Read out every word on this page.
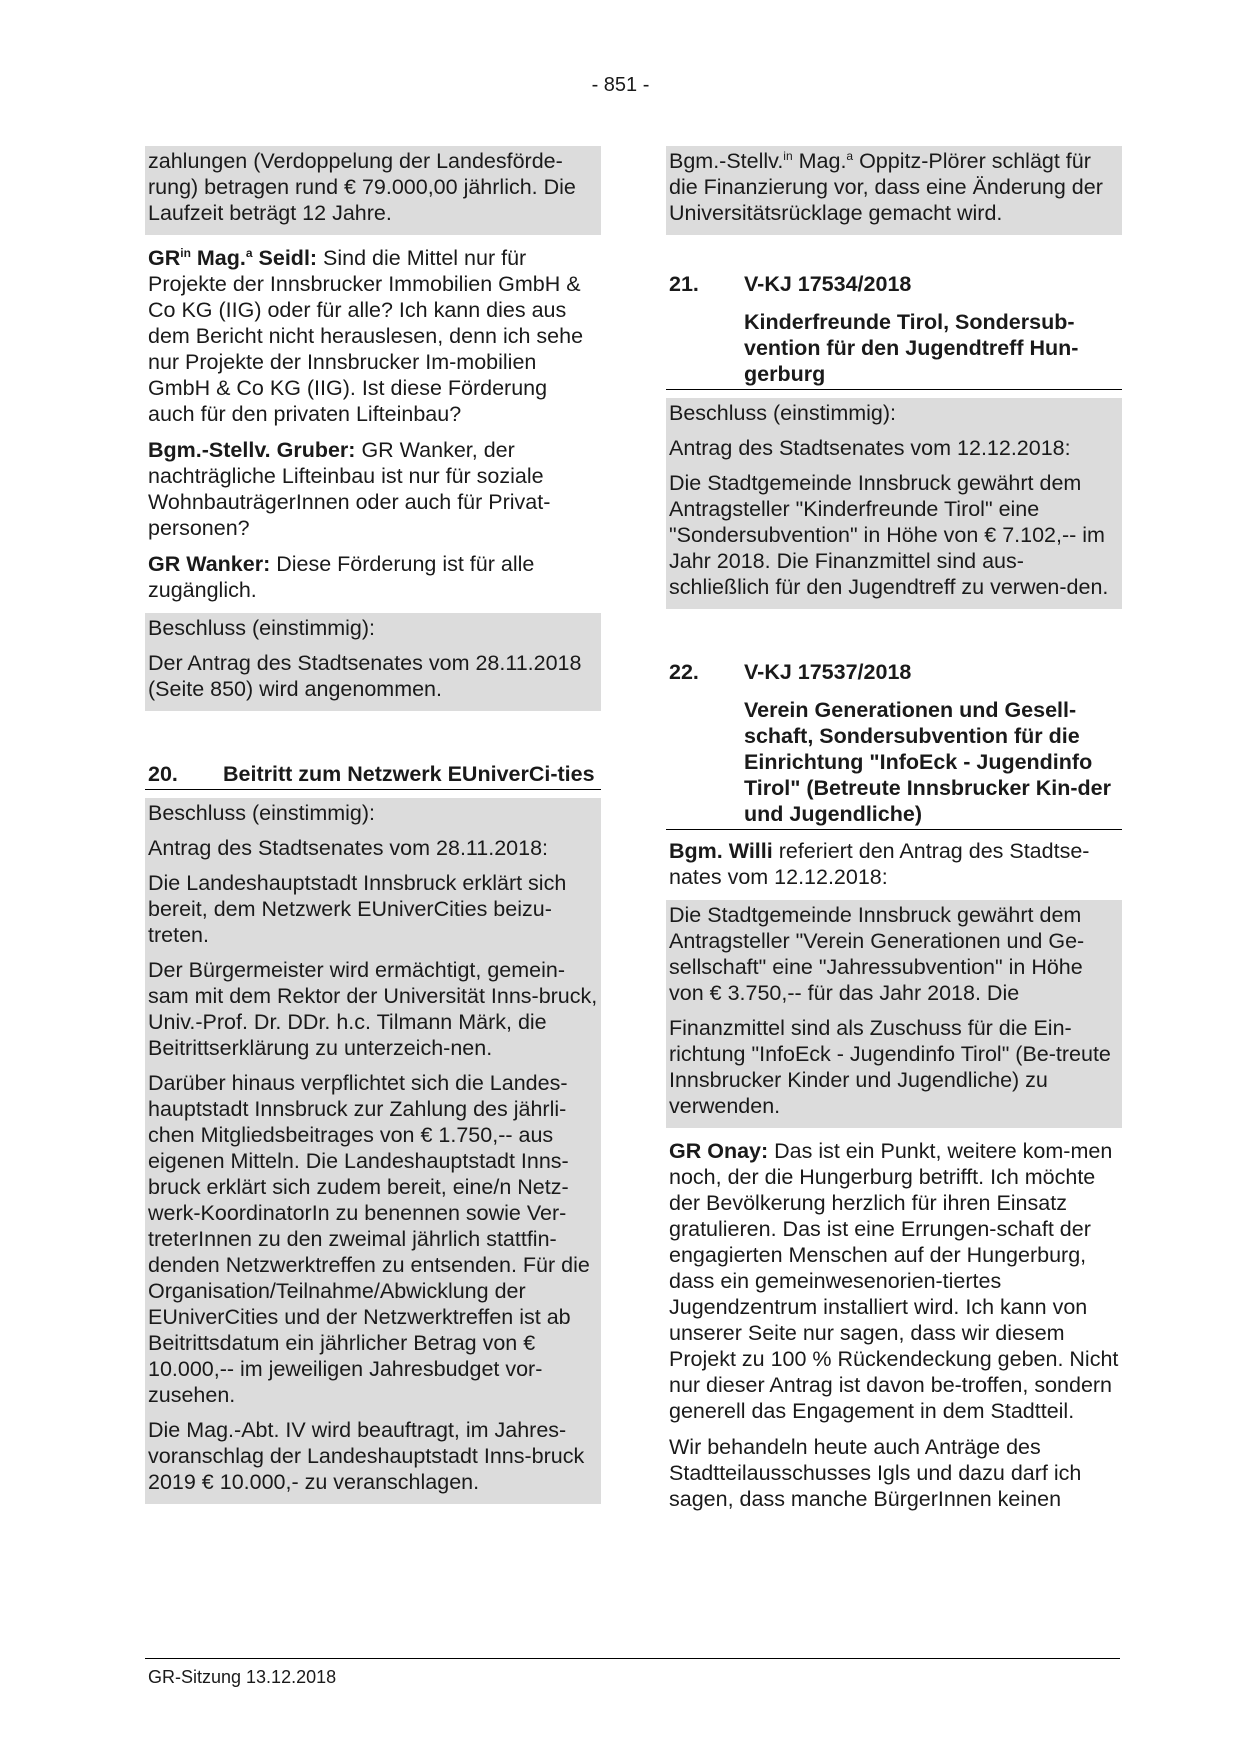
- 851 -

zahlungen (Verdoppelung der Landesförde-rung) betragen rund € 79.000,00 jährlich. Die Laufzeit beträgt 12 Jahre.

$GR^{in}$ Mag.$^a$ Seidl: Sind die Mittel nur für Projekte der Innsbrucker Immobilien GmbH & Co KG (IIG) oder für alle? Ich kann dies aus dem Bericht nicht herauslesen, denn ich sehe nur Projekte der Innsbrucker Im-mobilien GmbH & Co KG (IIG). Ist diese Förderung auch für den privaten Lifteinbau?

Bgm.-Stellv. Gruber: GR Wanker, der nachträgliche Lifteinbau ist nur für soziale WohnbauträgerInnen oder auch für Privat-personen?

GR Wanker: Diese Förderung ist für alle zugänglich.

Beschluss (einstimmig):

Der Antrag des Stadtsenates vom 28.11.2018 (Seite 850) wird angenommen.

20.	Beitritt zum Netzwerk EUniverCi-ties

Beschluss (einstimmig):

Antrag des Stadtsenates vom 28.11.2018:

Die Landeshauptstadt Innsbruck erklärt sich bereit, dem Netzwerk EUniverCities beizu-treten.

Der Bürgermeister wird ermächtigt, gemein-sam mit dem Rektor der Universität Inns-bruck, Univ.-Prof. Dr. DDr. h.c. Tilmann Märk, die Beitrittserklärung zu unterzeich-nen.

Darüber hinaus verpflichtet sich die Landes-hauptstadt Innsbruck zur Zahlung des jährli-chen Mitgliedsbeitrages von € 1.750,-- aus eigenen Mitteln. Die Landeshauptstadt Inns-bruck erklärt sich zudem bereit, eine/n Netz-werk-KoordinatorIn zu benennen sowie Ver-treterInnen zu den zweimal jährlich stattfin-denden Netzwerktreffen zu entsenden. Für die Organisation/Teilnahme/Abwicklung der EUniverCities und der Netzwerktreffen ist ab Beitrittsdatum ein jährlicher Betrag von € 10.000,-- im jeweiligen Jahresbudget vor-zusehen.

Die Mag.-Abt. IV wird beauftragt, im Jahres-voranschlag der Landeshauptstadt Inns-bruck 2019 € 10.000,- zu veranschlagen.

Bgm.-Stellv.$^{in}$ Mag.$^a$ Oppitz-Plörer schlägt für die Finanzierung vor, dass eine Änderung der Universitätsrücklage gemacht wird.

21.	V-KJ 17534/2018
Kinderfreunde Tirol, Sondersub-vention für den Jugendtreff Hun-gerburg

Beschluss (einstimmig):

Antrag des Stadtsenates vom 12.12.2018:

Die Stadtgemeinde Innsbruck gewährt dem Antragsteller "Kinderfreunde Tirol" eine "Sondersubvention" in Höhe von € 7.102,-- im Jahr 2018. Die Finanzmittel sind aus-schließlich für den Jugendtreff zu verwen-den.

22.	V-KJ 17537/2018
Verein Generationen und Gesell-schaft, Sondersubvention für die Einrichtung "InfoEck - Jugendinfo Tirol" (Betreute Innsbrucker Kin-der und Jugendliche)

Bgm. Willi referiert den Antrag des Stadtse-nates vom 12.12.2018:

Die Stadtgemeinde Innsbruck gewährt dem Antragsteller "Verein Generationen und Ge-sellschaft" eine "Jahressubvention" in Höhe von € 3.750,-- für das Jahr 2018. Die

Finanzmittel sind als Zuschuss für die Ein-richtung "InfoEck - Jugendinfo Tirol" (Be-treute Innsbrucker Kinder und Jugendliche) zu verwenden.

GR Onay: Das ist ein Punkt, weitere kom-men noch, der die Hungerburg betrifft. Ich möchte der Bevölkerung herzlich für ihren Einsatz gratulieren. Das ist eine Errungen-schaft der engagierten Menschen auf der Hungerburg, dass ein gemeinwesenorien-tiertes Jugendzentrum installiert wird. Ich kann von unserer Seite nur sagen, dass wir diesem Projekt zu 100 % Rückendeckung geben. Nicht nur dieser Antrag ist davon be-troffen, sondern generell das Engagement in dem Stadtteil.

Wir behandeln heute auch Anträge des Stadtteilausschusses Igls und dazu darf ich sagen, dass manche BürgerInnen keinen

GR-Sitzung 13.12.2018
